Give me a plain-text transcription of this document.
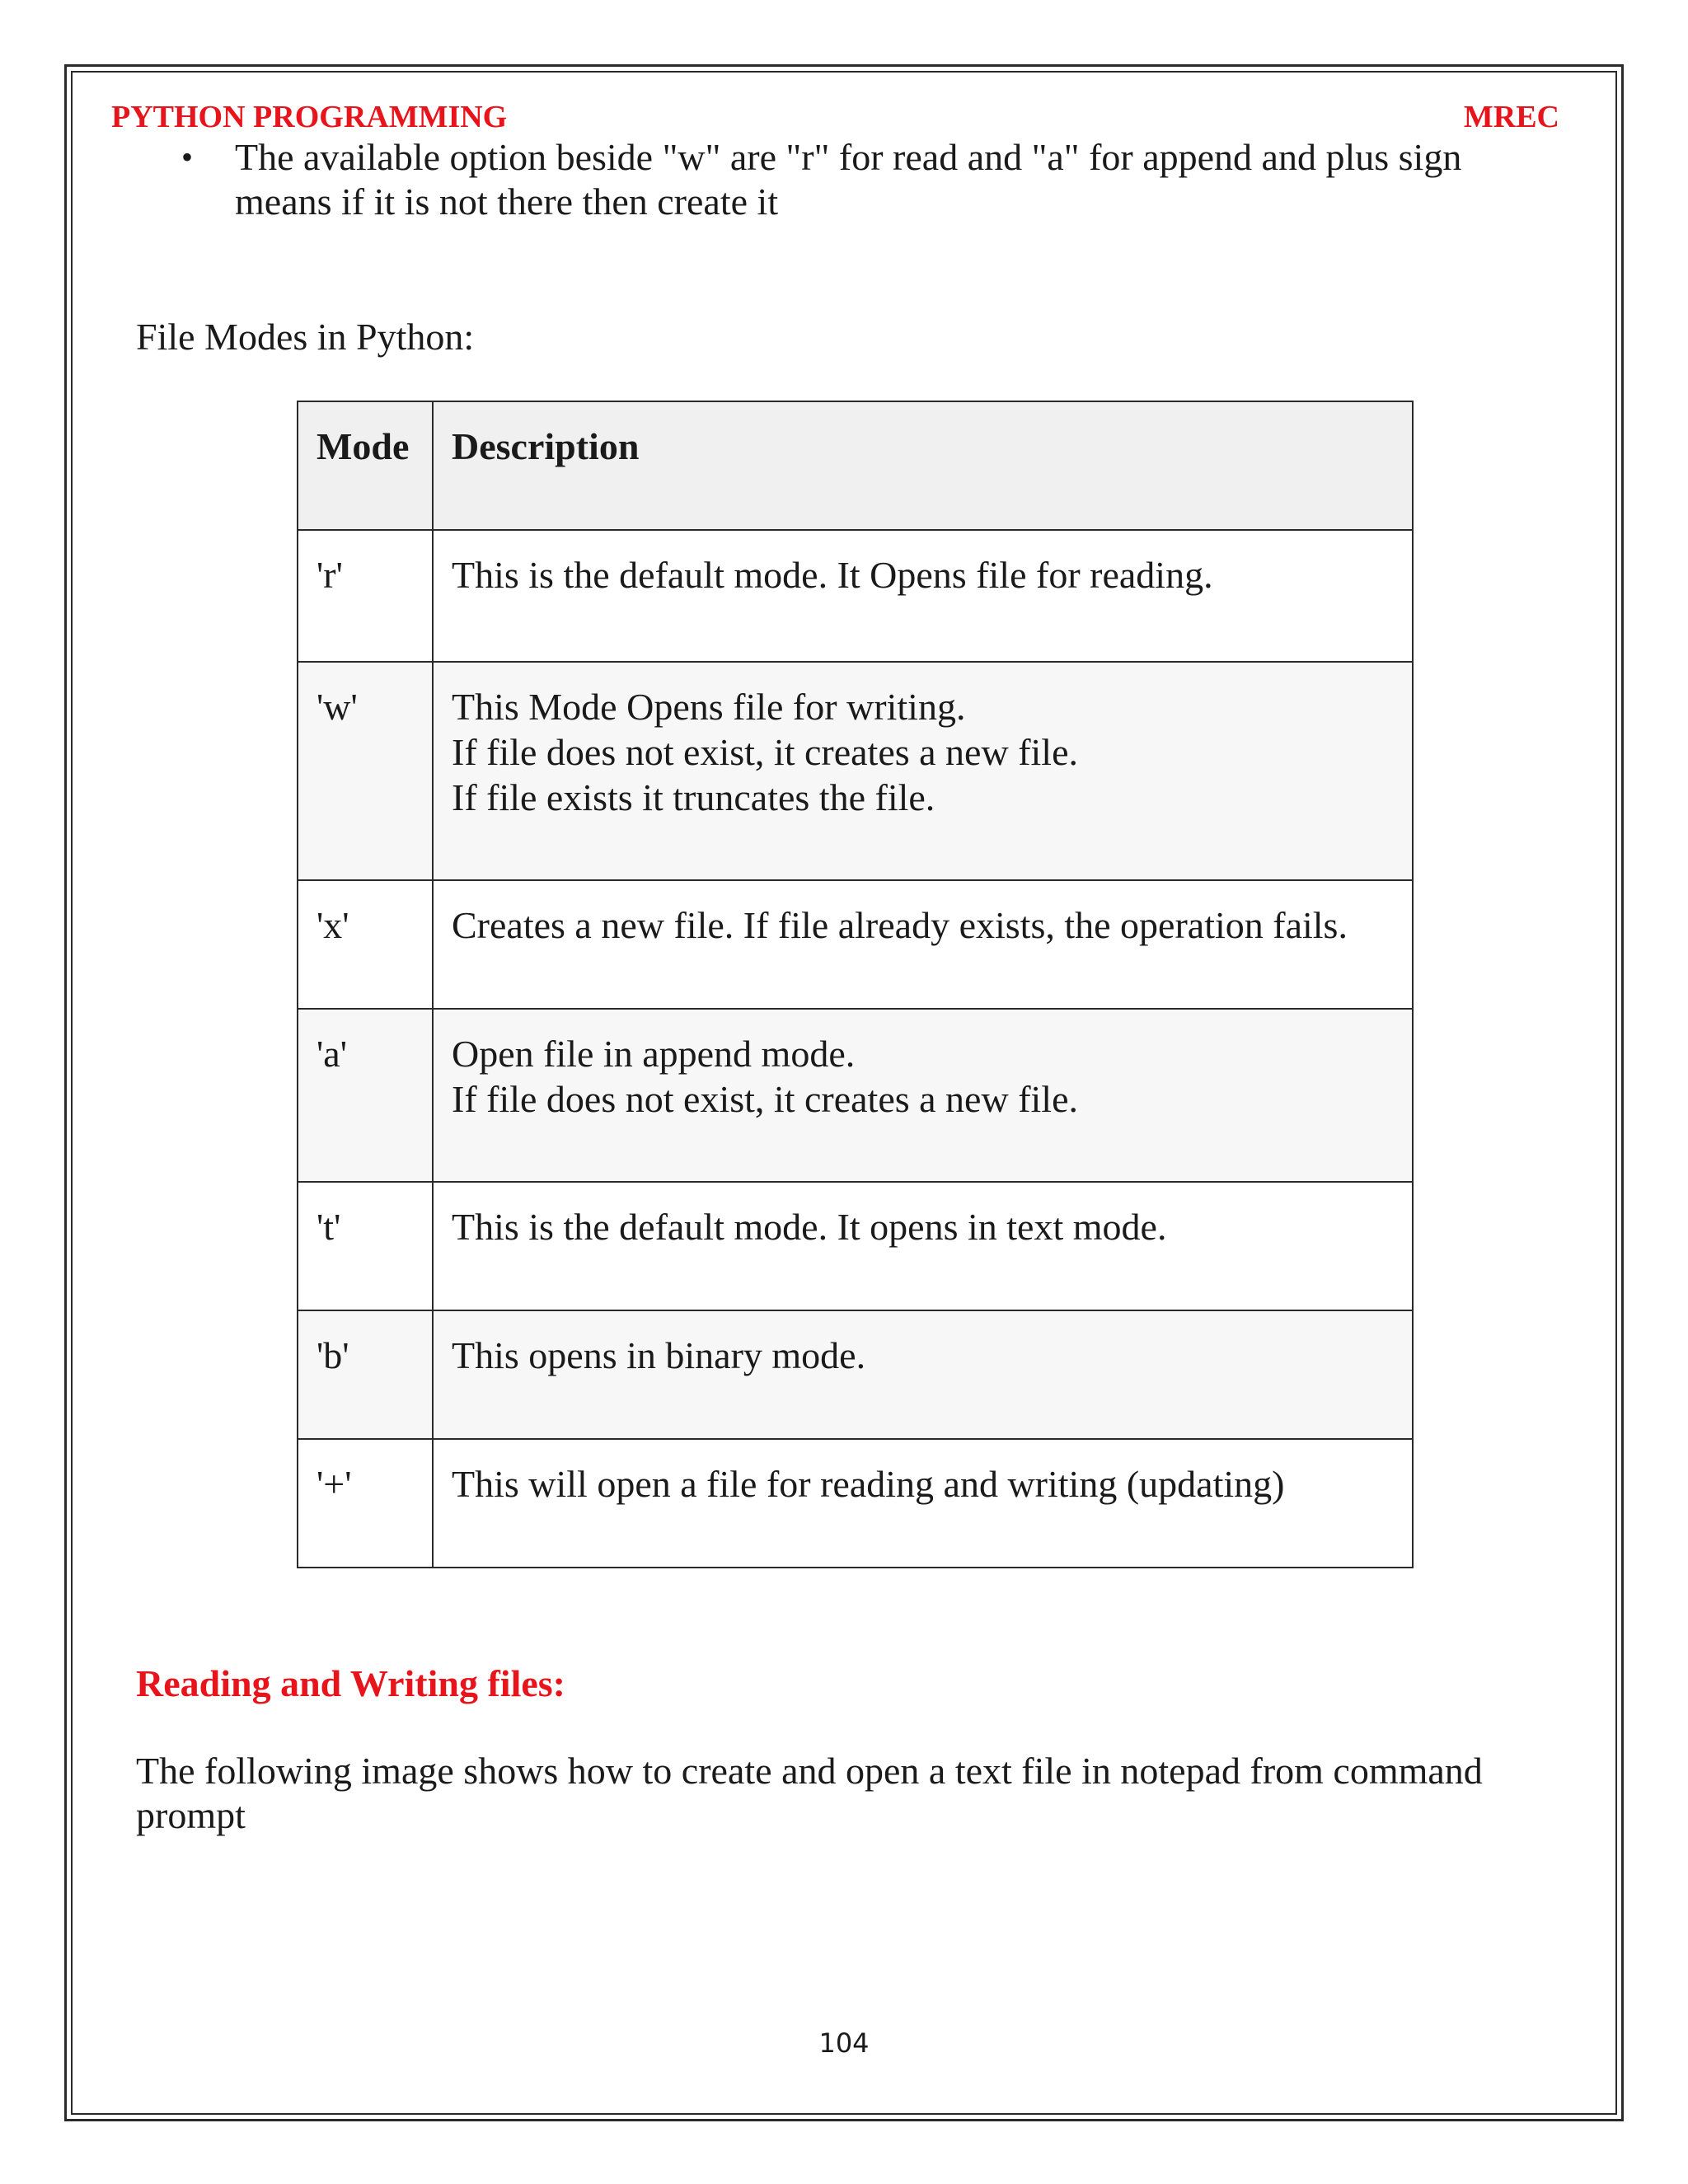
PYTHON PROGRAMMING	MREC
• The available option beside "w" are "r" for read and "a" for append and plus sign
means if it is not there then create it
File Modes in Python:
Mode	Description
'r'	This is the default mode. It Opens file for reading.

'w'	This Mode Opens file for writing.
If file does not exist, it creates a new file.
If file exists it truncates the file.

'x'	Creates a new file. If file already exists, the operation fails.

'a'	Open file in append mode.
If file does not exist, it creates a new file.

't'	This is the default mode. It opens in text mode.

'b'	This opens in binary mode.

'+'	This will open a file for reading and writing (updating)
Reading and Writing files:
The following image shows how to create and open a text file in notepad from command prompt
104
